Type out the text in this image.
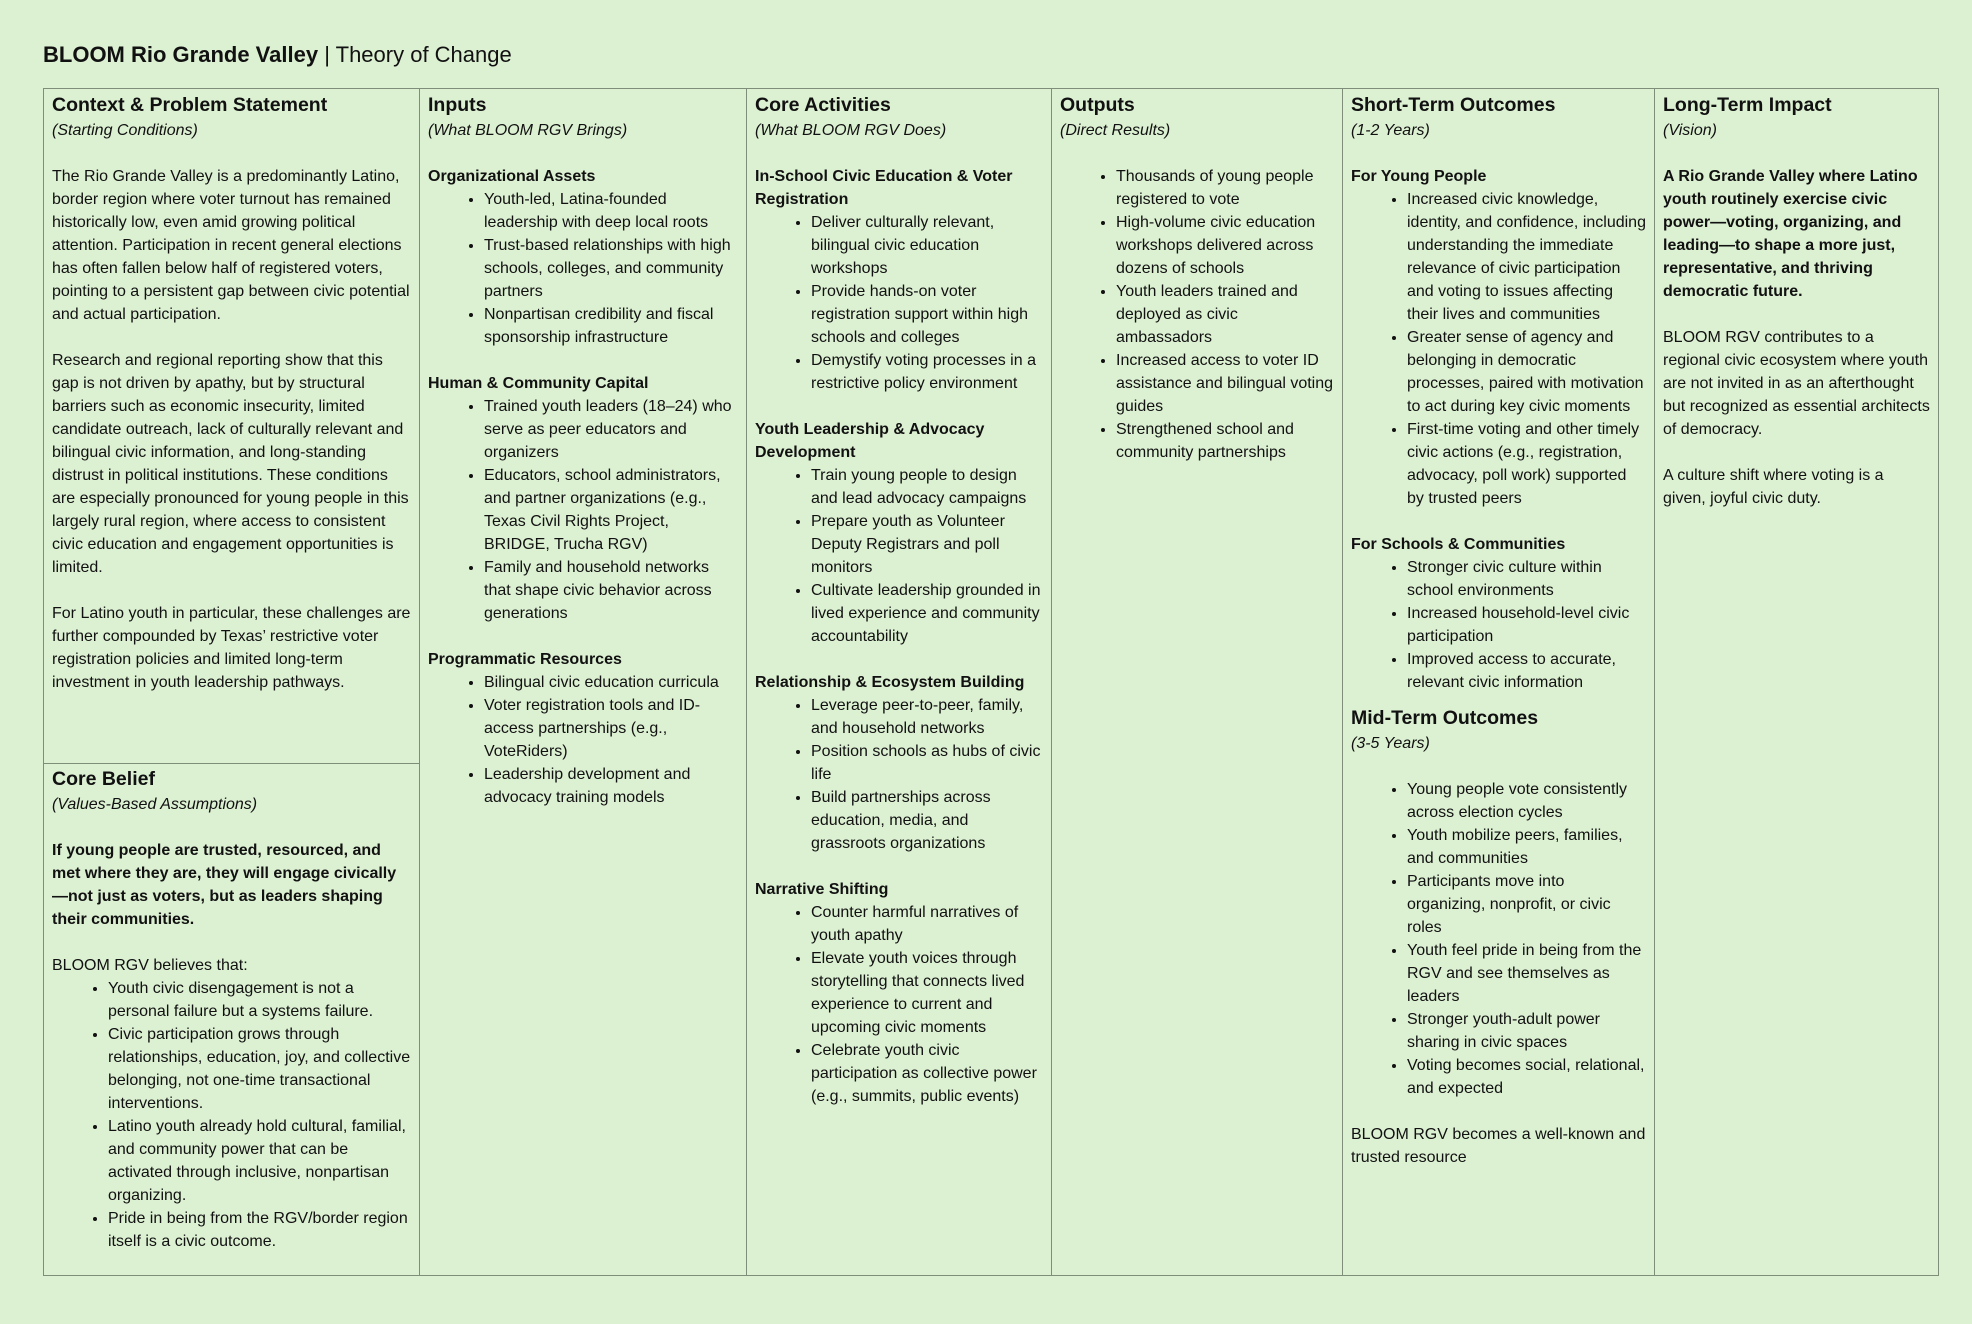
BLOOM Rio Grande Valley | Theory of Change
Context & Problem Statement
(Starting Conditions)

The Rio Grande Valley is a predominantly Latino, border region where voter turnout has remained historically low, even amid growing political attention. Participation in recent general elections has often fallen below half of registered voters, pointing to a persistent gap between civic potential and actual participation.

Research and regional reporting show that this gap is not driven by apathy, but by structural barriers such as economic insecurity, limited candidate outreach, lack of culturally relevant and bilingual civic information, and long-standing distrust in political institutions. These conditions are especially pronounced for young people in this largely rural region, where access to consistent civic education and engagement opportunities is limited.

For Latino youth in particular, these challenges are further compounded by Texas’ restrictive voter registration policies and limited long-term investment in youth leadership pathways.

Core Belief
(Values-Based Assumptions)

If young people are trusted, resourced, and met where they are, they will engage civically—not just as voters, but as leaders shaping their communities.

BLOOM RGV believes that:

• Youth civic disengagement is not a personal failure but a systems failure.
• Civic participation grows through relationships, education, joy, and collective belonging, not one-time transactional interventions.
• Latino youth already hold cultural, familial, and community power that can be activated through inclusive, nonpartisan organizing.
• Pride in being from the RGV/border region itself is a civic outcome.
Inputs
(What BLOOM RGV Brings)
Organizational Assets
• Youth-led, Latina-founded leadership with deep local roots
• Trust-based relationships with high schools, colleges, and community partners
• Nonpartisan credibility and fiscal sponsorship infrastructure
Human & Community Capital
• Trained youth leaders (18–24) who serve as peer educators and organizers
• Educators, school administrators, and partner organizations (e.g., Texas Civil Rights Project, BRIDGE, Trucha RGV)
• Family and household networks that shape civic behavior across generations
Programmatic Resources
• Bilingual civic education curricula
• Voter registration tools and ID-access partnerships (e.g., VoteRiders)
• Leadership development and advocacy training models
Core Activities
(What BLOOM RGV Does)
In-School Civic Education & Voter Registration
• Deliver culturally relevant, bilingual civic education workshops
• Provide hands-on voter registration support within high schools and colleges
• Demystify voting processes in a restrictive policy environment
Youth Leadership & Advocacy Development
• Train young people to design and lead advocacy campaigns
• Prepare youth as Volunteer Deputy Registrars and poll monitors
• Cultivate leadership grounded in lived experience and community accountability
Relationship & Ecosystem Building
• Leverage peer-to-peer, family, and household networks
• Position schools as hubs of civic life
• Build partnerships across education, media, and grassroots organizations
Narrative Shifting
• Counter harmful narratives of youth apathy
• Elevate youth voices through storytelling that connects lived experience to current and upcoming civic moments
• Celebrate youth civic participation as collective power (e.g., summits, public events)
Outputs
(Direct Results)
• Thousands of young people registered to vote
• High-volume civic education workshops delivered across dozens of schools
• Youth leaders trained and deployed as civic ambassadors
• Increased access to voter ID assistance and bilingual voting guides
• Strengthened school and community partnerships
Short-Term Outcomes
(1-2 Years)
For Young People
• Increased civic knowledge, identity, and confidence, including understanding the immediate relevance of civic participation and voting to issues affecting their lives and communities
• Greater sense of agency and belonging in democratic processes, paired with motivation to act during key civic moments
• First-time voting and other timely civic actions (e.g., registration, advocacy, poll work) supported by trusted peers
For Schools & Communities
• Stronger civic culture within school environments
• Increased household-level civic participation
• Improved access to accurate, relevant civic information
Mid-Term Outcomes
(3-5 Years)
• Young people vote consistently across election cycles
• Youth mobilize peers, families, and communities
• Participants move into organizing, nonprofit, or civic roles
• Youth feel pride in being from the RGV and see themselves as leaders
• Stronger youth-adult power sharing in civic spaces
• Voting becomes social, relational, and expected

BLOOM RGV becomes a well-known and trusted resource

Long-Term Impact
(Vision)

A Rio Grande Valley where Latino youth routinely exercise civic power—voting, organizing, and leading—to shape a more just, representative, and thriving democratic future.

BLOOM RGV contributes to a regional civic ecosystem where youth are not invited in as an afterthought but recognized as essential architects of democracy.

A culture shift where voting is a given, joyful civic duty.
